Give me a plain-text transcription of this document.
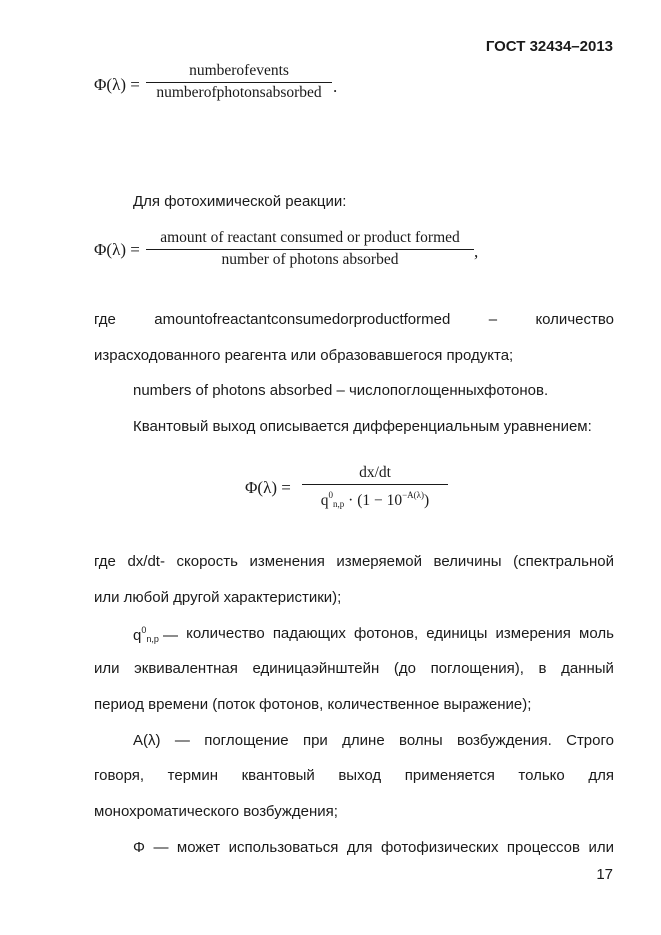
ГОСТ 32434–2013
Φ(λ) =
numberofevents
numberofphotonsabsorbed .
Для фотохимической реакции:
Φ(λ) =
amount of reactant consumed or product formed
number of photons absorbed	,
где	amountofreactantconsumedorproductformed	–	количество
израсходованного реагента или образовавшегося продукта;
numbers of photons absorbed – числопоглощенныхфотонов.
Квантовый выход описывается дифференциальным уравнением:
Φ(λ) =
dx/dt
$q^0_{n,p} \cdot (1 - 10^{-A(\lambda)})$
где dx/dt- скорость изменения измеряемой величины (спектральной
или любой другой характеристики);
$q^0_{n,p}$ — количество падающих фотонов, единицы измерения моль
или эквивалентная единицаэйнштейн (до поглощения), в данный
период времени (поток фотонов, количественное выражение);
A(λ) — поглощение при длине волны возбуждения. Строго
говоря, термин квантовый выход применяется только для
монохроматического возбуждения;
Φ — может использоваться для фотофизических процессов или
17
